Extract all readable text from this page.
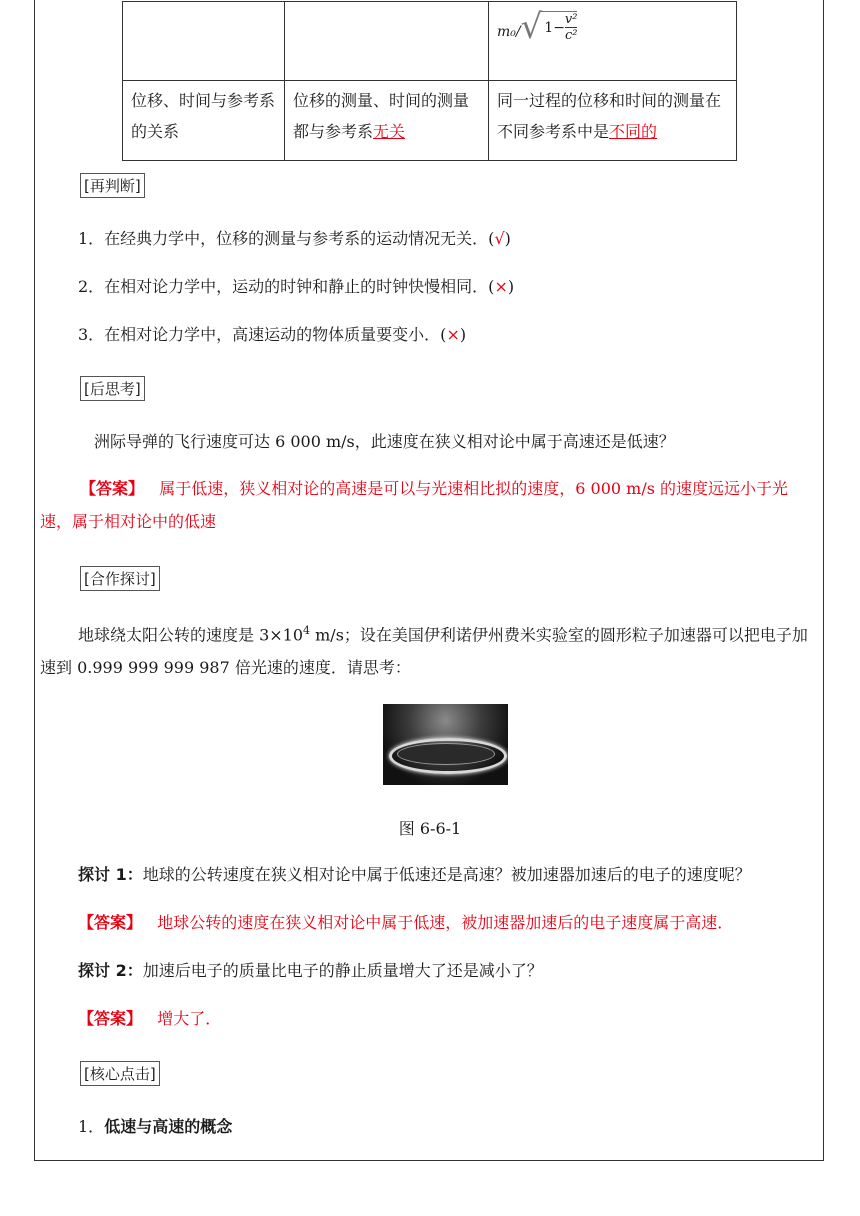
		m₀/ √ $1- \frac{\text{v²}}{\text{c²}}$

位移、时间与参考系的关系	位移的测量、时间的测量都与参考系无关	同一过程的位移和时间的测量在不同参考系中是不同的
[再判断]
1．在经典力学中，位移的测量与参考系的运动情况无关．(√)
2．在相对论力学中，运动的时钟和静止的时钟快慢相同．(×)
3．在相对论力学中，高速运动的物体质量要变小．(×)
[后思考]
洲际导弹的飞行速度可达 6 000 m/s，此速度在狭义相对论中属于高速还是低速？
【答案】 属于低速，狭义相对论的高速是可以与光速相比拟的速度，6 000 m/s 的速度远远小于光速，属于相对论中的低速
[合作探讨]
地球绕太阳公转的速度是 $3\times 10^4$ m/s；设在美国伊利诺伊州费米实验室的圆形粒子加速器可以把电子加速到 0.999 999 999 987 倍光速的速度．请思考：
图 6-6-1
探讨 1：地球的公转速度在狭义相对论中属于低速还是高速？被加速器加速后的电子的速度呢？
【答案】 地球公转的速度在狭义相对论中属于低速，被加速器加速后的电子速度属于高速．
探讨 2：加速后电子的质量比电子的静止质量增大了还是减小了？
【答案】 增大了．
[核心点击]
1．低速与高速的概念
